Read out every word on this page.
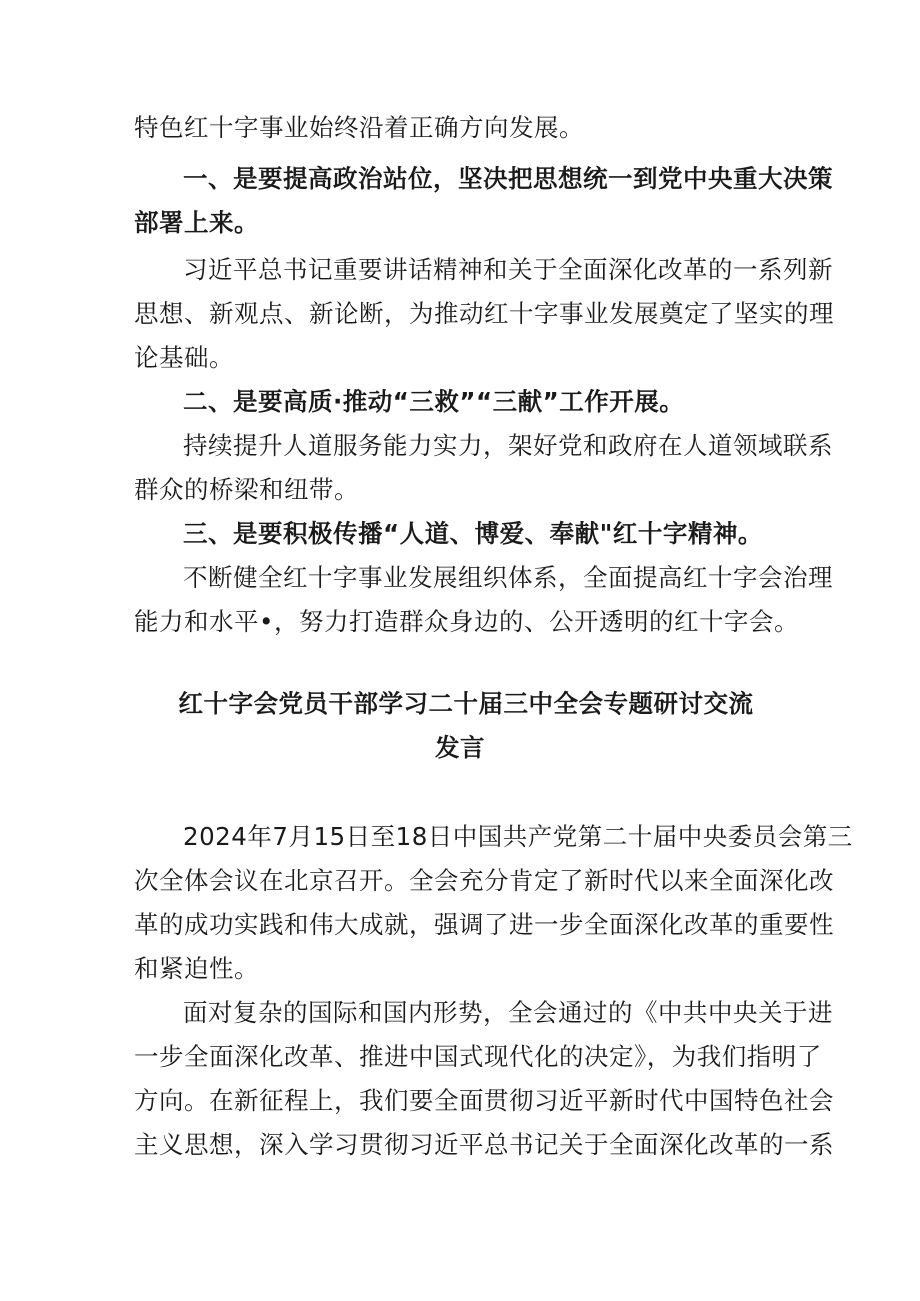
特色红十字事业始终沿着正确方向发展。
一、是要提高政治站位，坚决把思想统一到党中央重大决策
部署上来。
习近平总书记重要讲话精神和关于全面深化改革的一系列新
思想、新观点、新论断，为推动红十字事业发展奠定了坚实的理
论基础。
二、是要高质·推动“三救”“三献”工作开展。
持续提升人道服务能力实力，架好党和政府在人道领域联系
群众的桥梁和纽带。
三、是要积极传播“人道、博爱、奉献"红十字精神。
不断健全红十字事业发展组织体系，全面提高红十字会治理
能力和水平•，努力打造群众身边的、公开透明的红十字会。
红十字会党员干部学习二十届三中全会专题研讨交流
发言
2024年7月15日至18日中国共产党第二十届中央委员会第三
次全体会议在北京召开。全会充分肯定了新时代以来全面深化改
革的成功实践和伟大成就，强调了进一步全面深化改革的重要性
和紧迫性。
面对复杂的国际和国内形势，全会通过的《中共中央关于进
一步全面深化改革、推进中国式现代化的决定》，为我们指明了
方向。在新征程上，我们要全面贯彻习近平新时代中国特色社会
主义思想，深入学习贯彻习近平总书记关于全面深化改革的一系
